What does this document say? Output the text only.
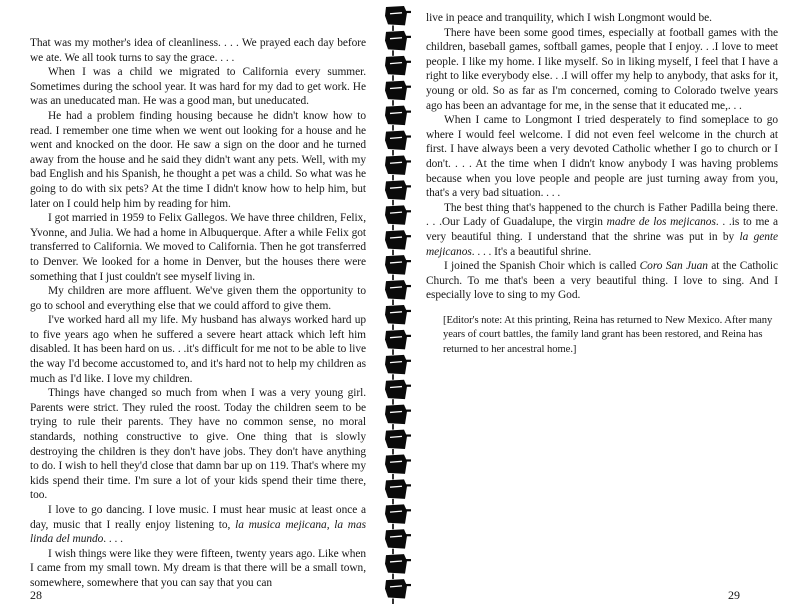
That was my mother's idea of cleanliness. . . . We prayed each day before we ate. We all took turns to say the grace. . . .

When I was a child we migrated to California every summer. Sometimes during the school year. It was hard for my dad to get work. He was an uneducated man. He was a good man, but uneducated.

He had a problem finding housing because he didn't know how to read. I remember one time when we went out looking for a house and he went and knocked on the door. He saw a sign on the door and he turned away from the house and he said they didn't want any pets. Well, with my bad English and his Spanish, he thought a pet was a child. So what was he going to do with six pets? At the time I didn't know how to help him, but later on I could help him by reading for him.

I got married in 1959 to Felix Gallegos. We have three children, Felix, Yvonne, and Julia. We had a home in Albuquerque. After a while Felix got transferred to California. We moved to California. Then he got transferred to Denver. We looked for a home in Denver, but the houses there were something that I just couldn't see myself living in.

My children are more affluent. We've given them the opportunity to go to school and everything else that we could afford to give them.

I've worked hard all my life. My husband has always worked hard up to five years ago when he suffered a severe heart attack which left him disabled. It has been hard on us. . .it's difficult for me not to be able to live the way I'd become accustomed to, and it's hard not to help my children as much as I'd like. I love my children.

Things have changed so much from when I was a very young girl. Parents were strict. They ruled the roost. Today the children seem to be trying to rule their parents. They have no common sense, no moral standards, nothing constructive to give. One thing that is slowly destroying the children is they don't have jobs. They don't have anything to do. I wish to hell they'd close that damn bar up on 119. That's where my kids spend their time. I'm sure a lot of your kids spend their time there, too.

I love to go dancing. I love music. I must hear music at least once a day, music that I really enjoy listening to, la musica mejicana, la mas linda del mundo. . . .

I wish things were like they were fifteen, twenty years ago. Like when I came from my small town. My dream is that there will be a small town, somewhere, somewhere that you can say that you can

28

live in peace and tranquility, which I wish Longmont would be.

There have been some good times, especially at football games with the children, baseball games, softball games, people that I enjoy. . .I love to meet people. I like my home. I like myself. So in liking myself, I feel that I have a right to like everybody else. . .I will offer my help to anybody, that asks for it, young or old. So as far as I'm concerned, coming to Colorado twelve years ago has been an advantage for me, in the sense that it educated me,. . .

When I came to Longmont I tried desperately to find someplace to go where I would feel welcome. I did not even feel welcome in the church at first. I have always been a very devoted Catholic whether I go to church or I don't. . . . At the time when I didn't know anybody I was having problems because when you love people and people are just turning away from you, that's a very bad situation. . . .

The best thing that's happened to the church is Father Padilla being there. . . .Our Lady of Guadalupe, the virgin madre de los mejicanos. . .is to me a very beautiful thing. I understand that the shrine was put in by la gente mejicanos. . . . It's a beautiful shrine.

I joined the Spanish Choir which is called Coro San Juan at the Catholic Church. To me that's been a very beautiful thing. I love to sing. And I especially love to sing to my God.

[Editor's note: At this printing, Reina has returned to New Mexico. After many years of court battles, the family land grant has been restored, and Reina has returned to her ancestral home.]
29
